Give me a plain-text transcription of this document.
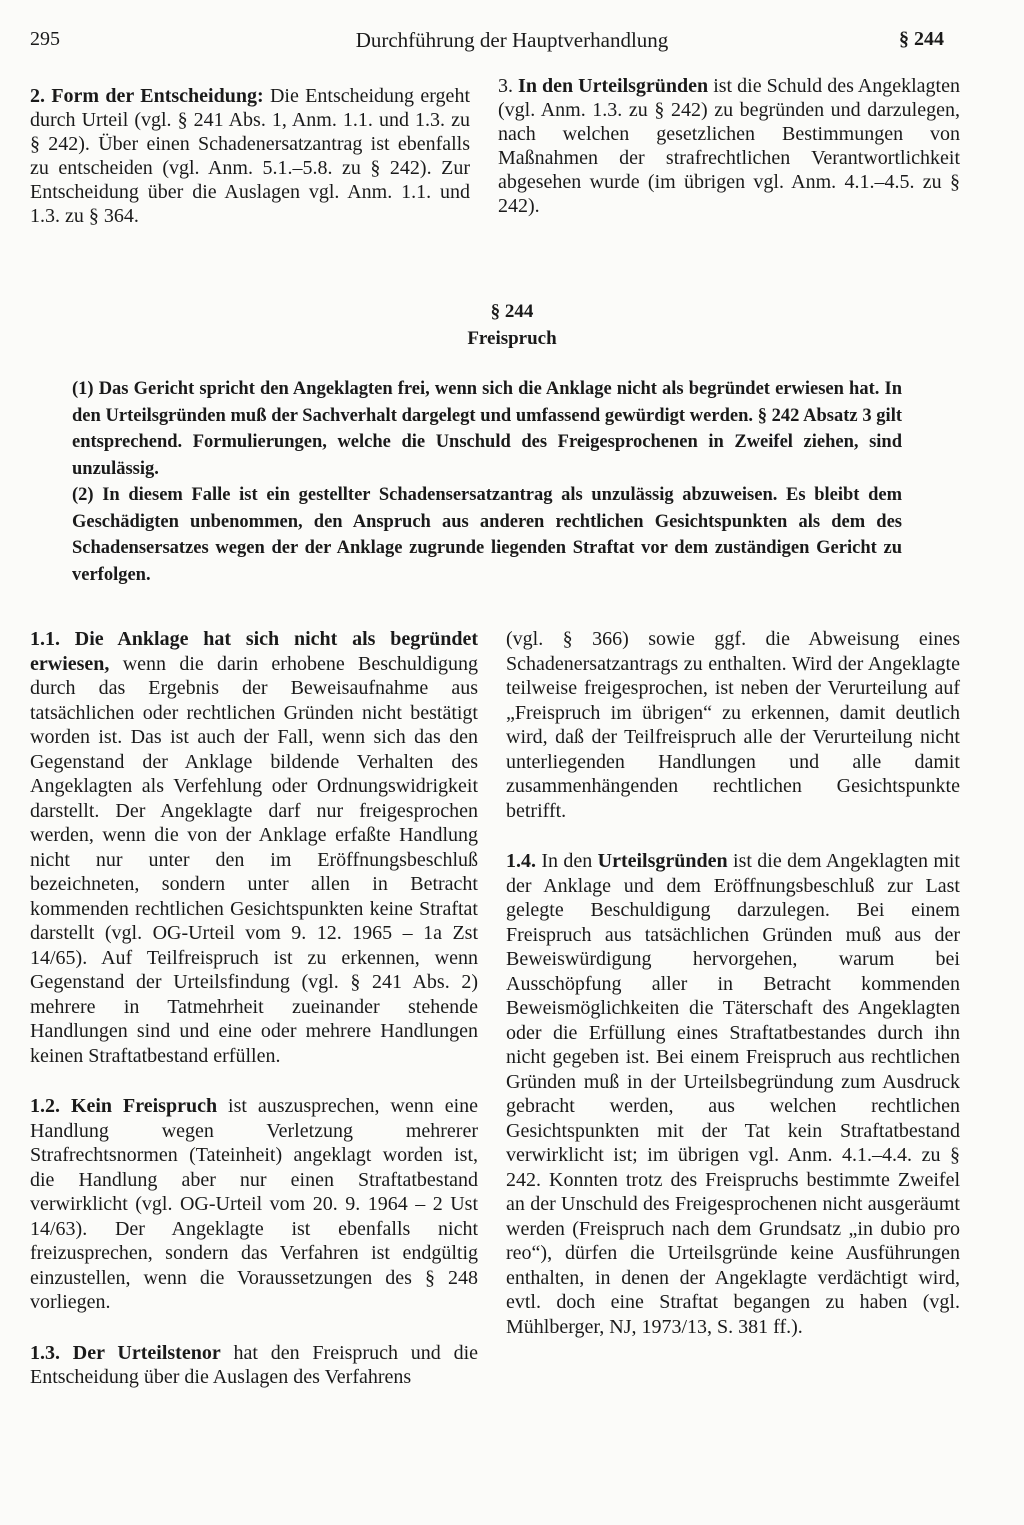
295	Durchführung der Hauptverhandlung	§ 244

2. Form der Entscheidung: Die Entscheidung ergeht durch Urteil (vgl. § 241 Abs. 1, Anm. 1.1. und 1.3. zu § 242). Über einen Schadenersatzantrag ist ebenfalls zu entscheiden (vgl. Anm. 5.1.–5.8. zu § 242). Zur Entscheidung über die Auslagen vgl. Anm. 1.1. und 1.3. zu § 364.

3. In den Urteilsgründen ist die Schuld des Angeklagten (vgl. Anm. 1.3. zu § 242) zu begründen und darzulegen, nach welchen gesetzlichen Bestimmungen von Maßnahmen der strafrechtlichen Verantwortlichkeit abgesehen wurde (im übrigen vgl. Anm. 4.1.–4.5. zu § 242).

§ 244
Freispruch

(1) Das Gericht spricht den Angeklagten frei, wenn sich die Anklage nicht als begründet erwiesen hat. In den Urteilsgründen muß der Sachverhalt dargelegt und umfassend gewürdigt werden. § 242 Absatz 3 gilt entsprechend. Formulierungen, welche die Unschuld des Freigesprochenen in Zweifel ziehen, sind unzulässig.

(2) In diesem Falle ist ein gestellter Schadensersatzantrag als unzulässig abzuweisen. Es bleibt dem Geschädigten unbenommen, den Anspruch aus anderen rechtlichen Gesichtspunkten als dem des Schadensersatzes wegen der der Anklage zugrunde liegenden Straftat vor dem zuständigen Gericht zu verfolgen.

1.1. Die Anklage hat sich nicht als begründet erwiesen, wenn die darin erhobene Beschuldigung durch das Ergebnis der Beweisaufnahme aus tatsächlichen oder rechtlichen Gründen nicht bestätigt worden ist. Das ist auch der Fall, wenn sich das den Gegenstand der Anklage bildende Verhalten des Angeklagten als Verfehlung oder Ordnungswidrigkeit darstellt. Der Angeklagte darf nur freigesprochen werden, wenn die von der Anklage erfaßte Handlung nicht nur unter den im Eröffnungsbeschluß bezeichneten, sondern unter allen in Betracht kommenden rechtlichen Gesichtspunkten keine Straftat darstellt (vgl. OG-Urteil vom 9. 12. 1965 – 1a Zst 14/65). Auf Teilfreispruch ist zu erkennen, wenn Gegenstand der Urteilsfindung (vgl. § 241 Abs. 2) mehrere in Tatmehrheit zueinander stehende Handlungen sind und eine oder mehrere Handlungen keinen Straftatbestand erfüllen.

1.2. Kein Freispruch ist auszusprechen, wenn eine Handlung wegen Verletzung mehrerer Strafrechtsnormen (Tateinheit) angeklagt worden ist, die Handlung aber nur einen Straftatbestand verwirklicht (vgl. OG-Urteil vom 20. 9. 1964 – 2 Ust 14/63). Der Angeklagte ist ebenfalls nicht freizusprechen, sondern das Verfahren ist endgültig einzustellen, wenn die Voraussetzungen des § 248 vorliegen.

1.3. Der Urteilstenor hat den Freispruch und die Entscheidung über die Auslagen des Verfahrens

(vgl. § 366) sowie ggf. die Abweisung eines Schadenersatzantrags zu enthalten. Wird der Angeklagte teilweise freigesprochen, ist neben der Verurteilung auf „Freispruch im übrigen“ zu erkennen, damit deutlich wird, daß der Teilfreispruch alle der Verurteilung nicht unterliegenden Handlungen und alle damit zusammenhängenden rechtlichen Gesichtspunkte betrifft.

1.4. In den Urteilsgründen ist die dem Angeklagten mit der Anklage und dem Eröffnungsbeschluß zur Last gelegte Beschuldigung darzulegen. Bei einem Freispruch aus tatsächlichen Gründen muß aus der Beweiswürdigung hervorgehen, warum bei Ausschöpfung aller in Betracht kommenden Beweismöglichkeiten die Täterschaft des Angeklagten oder die Erfüllung eines Straftatbestandes durch ihn nicht gegeben ist. Bei einem Freispruch aus rechtlichen Gründen muß in der Urteilsbegründung zum Ausdruck gebracht werden, aus welchen rechtlichen Gesichtspunkten mit der Tat kein Straftatbestand verwirklicht ist; im übrigen vgl. Anm. 4.1.–4.4. zu § 242. Konnten trotz des Freispruchs bestimmte Zweifel an der Unschuld des Freigesprochenen nicht ausgeräumt werden (Freispruch nach dem Grundsatz „in dubio pro reo“), dürfen die Urteilsgründe keine Ausführungen enthalten, in denen der Angeklagte verdächtigt wird, evtl. doch eine Straftat begangen zu haben (vgl. Mühlberger, NJ, 1973/13, S. 381 ff.).
